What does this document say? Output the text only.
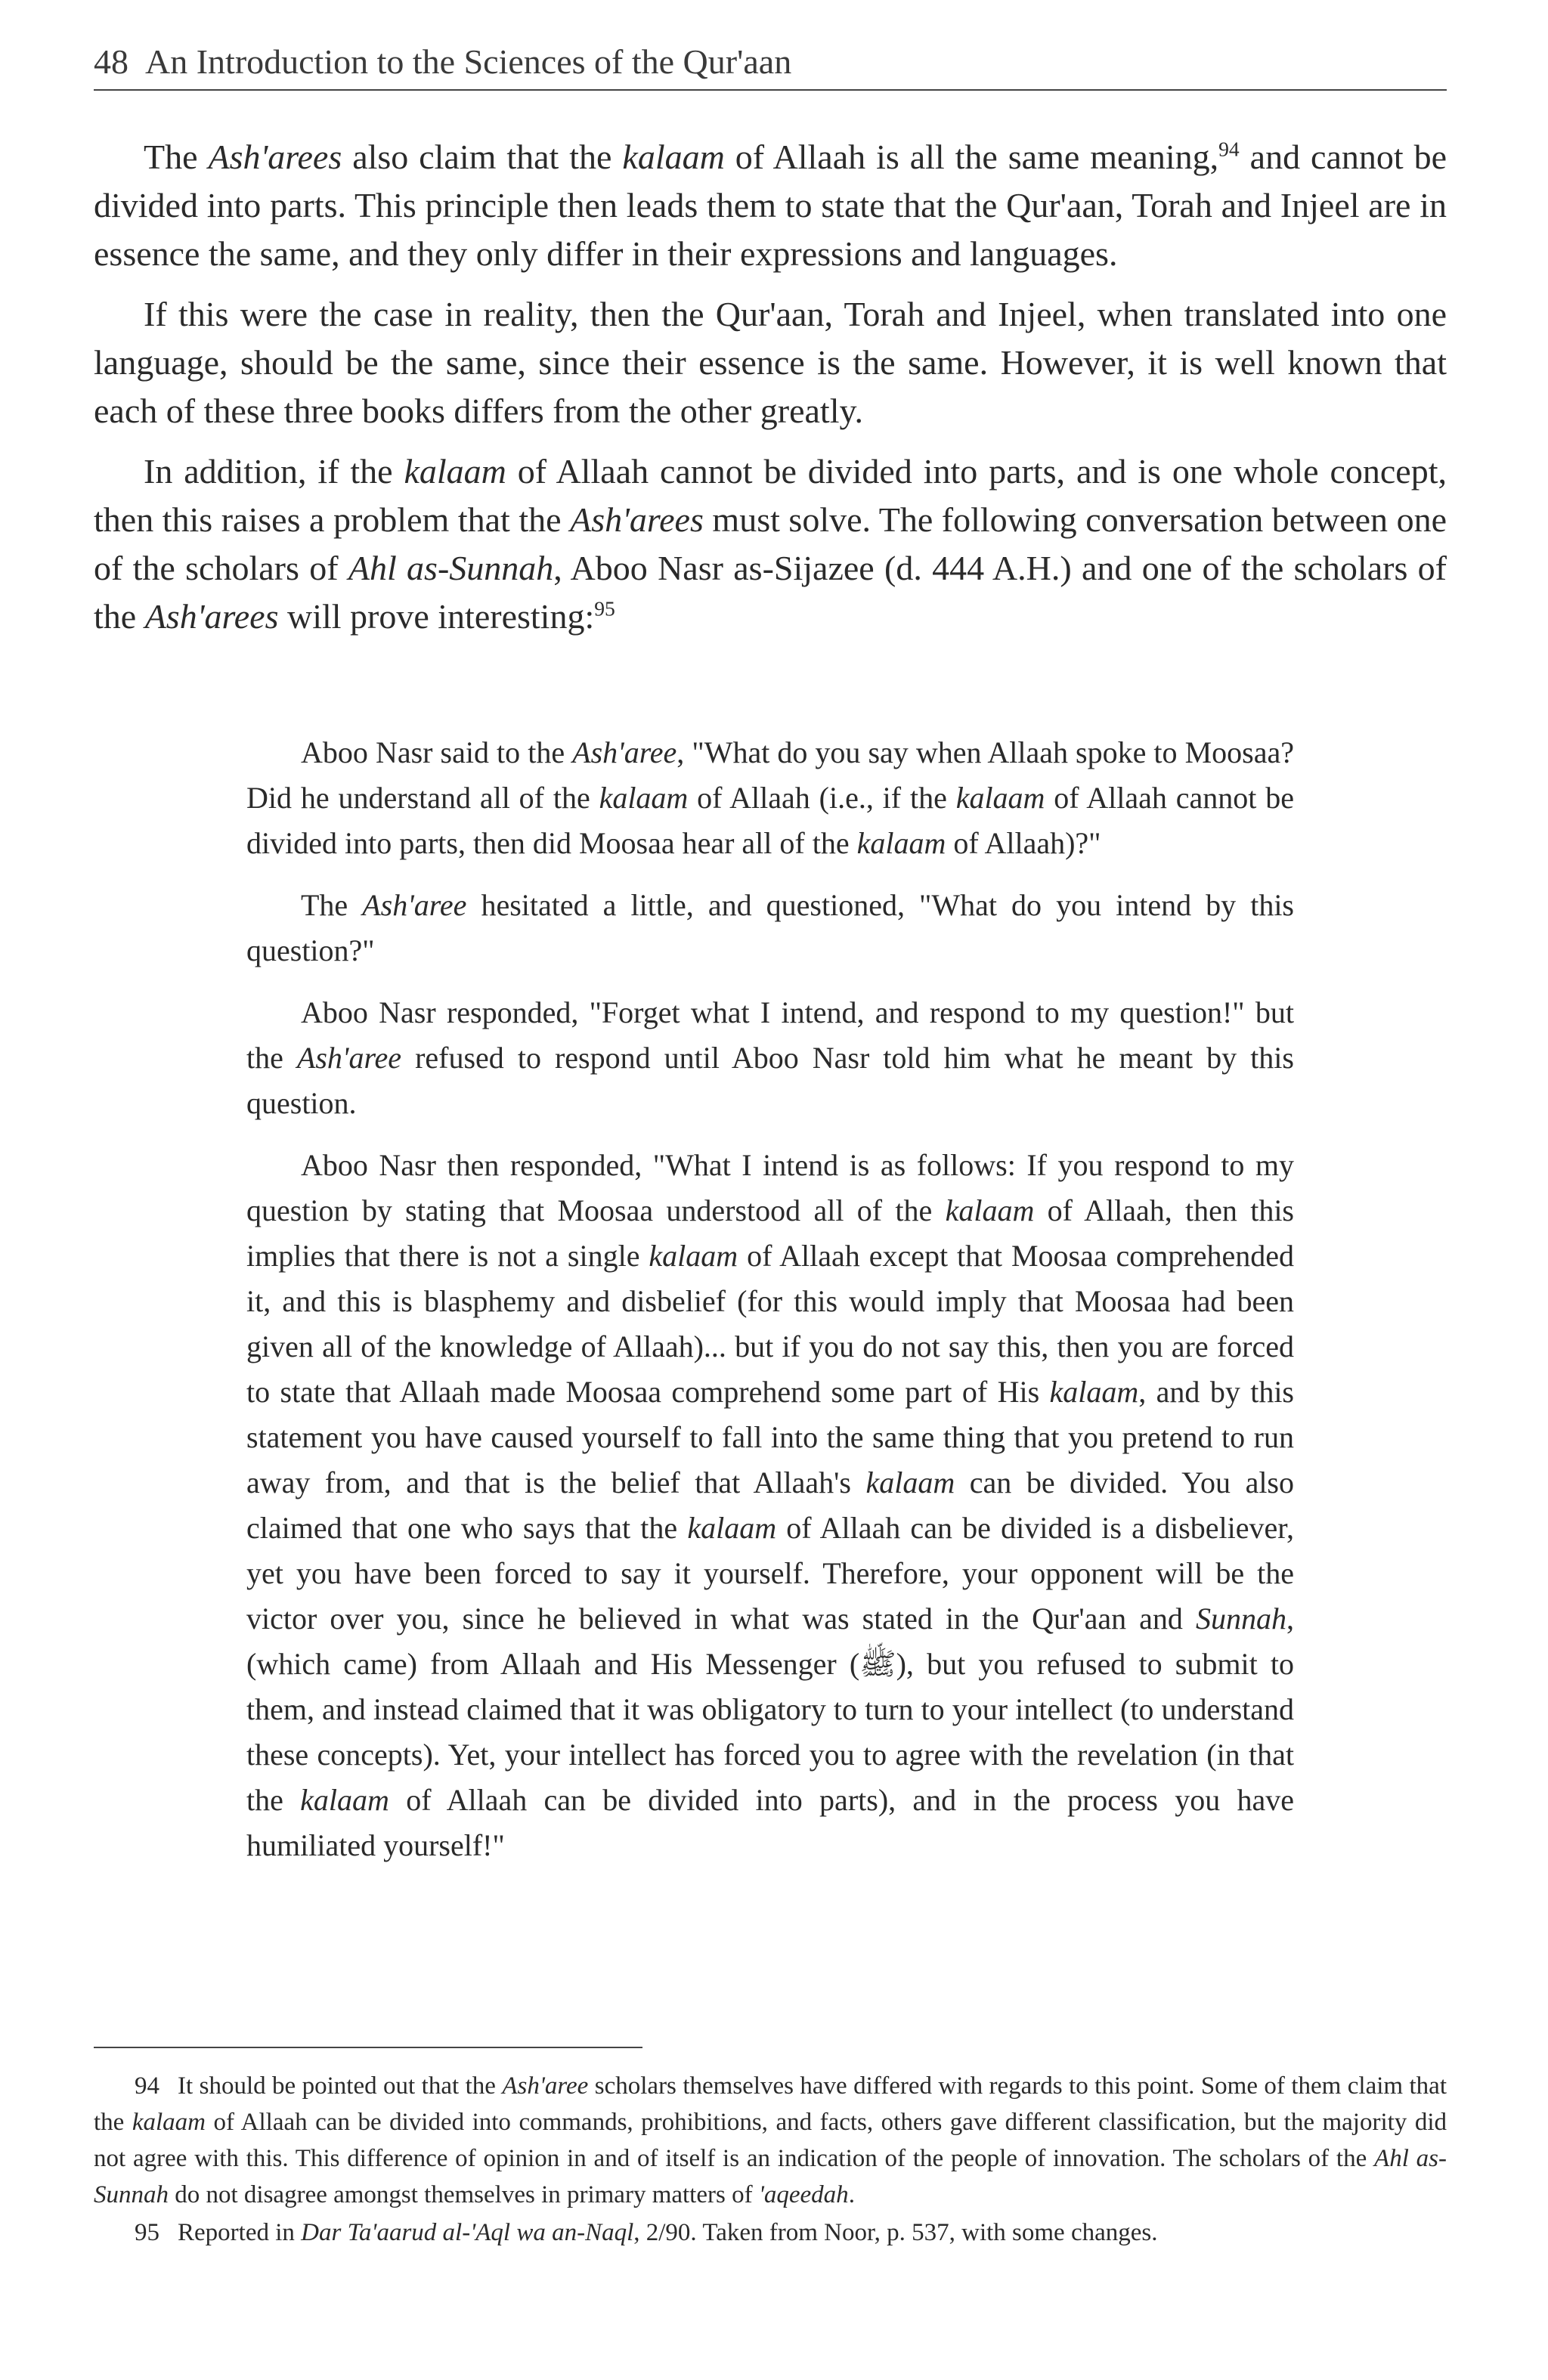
48 An Introduction to the Sciences of the Qur'aan

The Ash'arees also claim that the kalaam of Allaah is all the same meaning,$^{94}$ and cannot be divided into parts. This principle then leads them to state that the Qur'aan, Torah and Injeel are in essence the same, and they only differ in their expressions and languages.

If this were the case in reality, then the Qur'aan, Torah and Injeel, when translated into one language, should be the same, since their essence is the same. However, it is well known that each of these three books differs from the other greatly.

In addition, if the kalaam of Allaah cannot be divided into parts, and is one whole concept, then this raises a problem that the Ash'arees must solve. The following conversation between one of the scholars of Ahl as-Sunnah, Aboo Nasr as-Sijazee (d. 444 A.H.) and one of the scholars of the Ash'arees will prove interesting:$^{95}$

Aboo Nasr said to the Ash'aree, "What do you say when Allaah spoke to Moosaa? Did he understand all of the kalaam of Allaah (i.e., if the kalaam of Allaah cannot be divided into parts, then did Moosaa hear all of the kalaam of Allaah)?"

The Ash'aree hesitated a little, and questioned, "What do you intend by this question?"

Aboo Nasr responded, "Forget what I intend, and respond to my question!" but the Ash'aree refused to respond until Aboo Nasr told him what he meant by this question.

Aboo Nasr then responded, "What I intend is as follows: If you respond to my question by stating that Moosaa understood all of the kalaam of Allaah, then this implies that there is not a single kalaam of Allaah except that Moosaa comprehended it, and this is blasphemy and disbelief (for this would imply that Moosaa had been given all of the knowledge of Allaah)... but if you do not say this, then you are forced to state that Allaah made Moosaa comprehend some part of His kalaam, and by this statement you have caused yourself to fall into the same thing that you pretend to run away from, and that is the belief that Allaah's kalaam can be divided. You also claimed that one who says that the kalaam of Allaah can be divided is a disbeliever, yet you have been forced to say it yourself. Therefore, your opponent will be the victor over you, since he believed in what was stated in the Qur'aan and Sunnah, (which came) from Allaah and His Messenger (ﷺ), but you refused to submit to them, and instead claimed that it was obligatory to turn to your intellect (to understand these concepts). Yet, your intellect has forced you to agree with the revelation (in that the kalaam of Allaah can be divided into parts), and in the process you have humiliated yourself!"

94 It should be pointed out that the Ash'aree scholars themselves have differed with regards to this point. Some of them claim that the kalaam of Allaah can be divided into commands, prohibitions, and facts, others gave different classification, but the majority did not agree with this. This difference of opinion in and of itself is an indication of the people of innovation. The scholars of the Ahl as-Sunnah do not disagree amongst themselves in primary matters of 'aqeedah.

95 Reported in Dar Ta'aarud al-'Aql wa an-Naql, 2/90. Taken from Noor, p. 537, with some changes.
